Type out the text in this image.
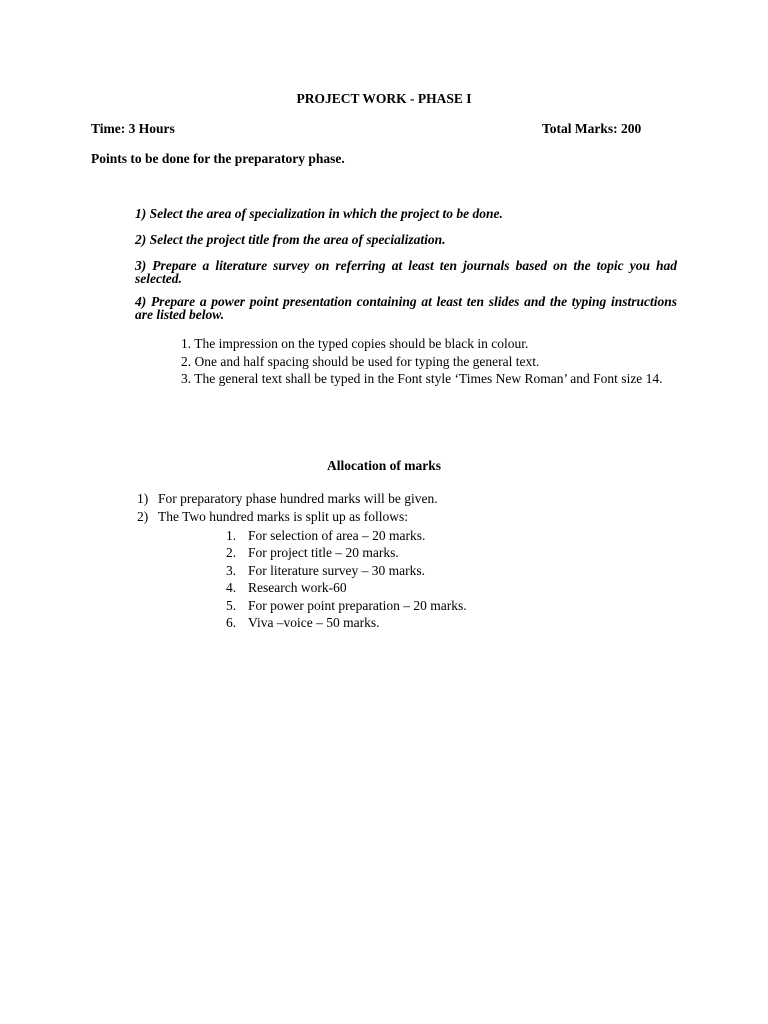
PROJECT WORK - PHASE I
Time: 3 Hours	Total Marks: 200
Points to be done for the preparatory phase.
1) Select the area of specialization in which the project to be done.
2) Select the project title from the area of specialization.
3) Prepare a literature survey on referring at least ten journals based on the topic you had selected.
4) Prepare a power point presentation containing at least ten slides and the typing instructions are listed below.
1. The impression on the typed copies should be black in colour.
2. One and half spacing should be used for typing the general text.
3. The general text shall be typed in the Font style ‘Times New Roman’ and Font size 14.
Allocation of marks
1) For preparatory phase hundred marks will be given.
2) The Two hundred marks is split up as follows:
1. For selection of area – 20 marks.
2. For project title – 20 marks.
3. For literature survey – 30 marks.
4. Research work-60
5. For power point preparation – 20 marks.
6. Viva –voice – 50 marks.
